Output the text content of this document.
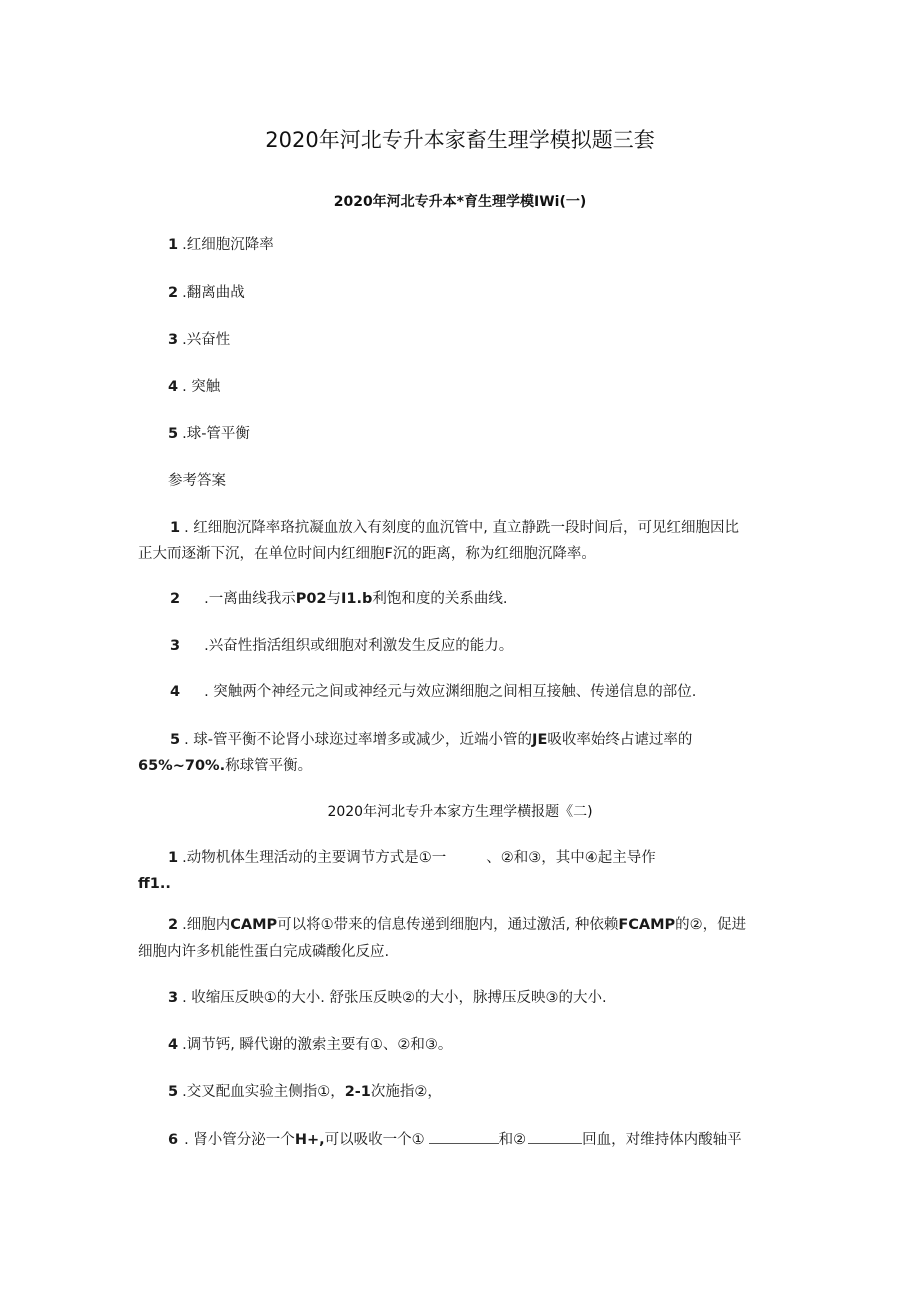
2020年河北专升本家畜生理学模拟题三套
2020年河北专升本*育生理学模IWi(一)
1 .红细胞沉降率
2 .翻离曲战
3 .兴奋性
4 . 突触
5 .球-管平衡
参考答案
1 . 红细胞沉降率珞抗凝血放入有刻度的血沉管中, 直立静跣一段时间后，可见红细胞因比
正大而逐渐下沉，在单位时间内红细胞F沉的距离，称为红细胞沉降率。
2 .一离曲线我示P02与I1.b利饱和度的关系曲线.
3 .兴奋性指活组织或细胞对利激发生反应的能力。
4 . 突触两个神经元之间或神经元与效应渊细胞之间相互接触、传递信息的部位.
5 . 球-管平衡不论肾小球迩过率增多或减少，近端小管的JE吸收率始终占谑过率的
65%~70%.称球管平衡。
2020年河北专升本家方生理学横报题《二)
1 .动物机体生理活动的主要调节方式是①一	、②和③，其中④起主导作
ff1..
2 .细胞内CAMP可以将①带来的信息传递到细胞内，通过激活, 种依赖FCAMP的②，促进
细胞内许多机能性蛋白完成磷酸化反应.
3 . 收缩压反映①的大小. 舒张压反映②的大小，脉搏压反映③的大小.
4 .调节钙, 瞬代谢的激索主要有①、②和③。
5 .交叉配血实验主侧指①，2-1次施指②，
6 . 肾小管分泌一个H+,可以吸收一个①	和②	回血，对维持体内酸轴平
